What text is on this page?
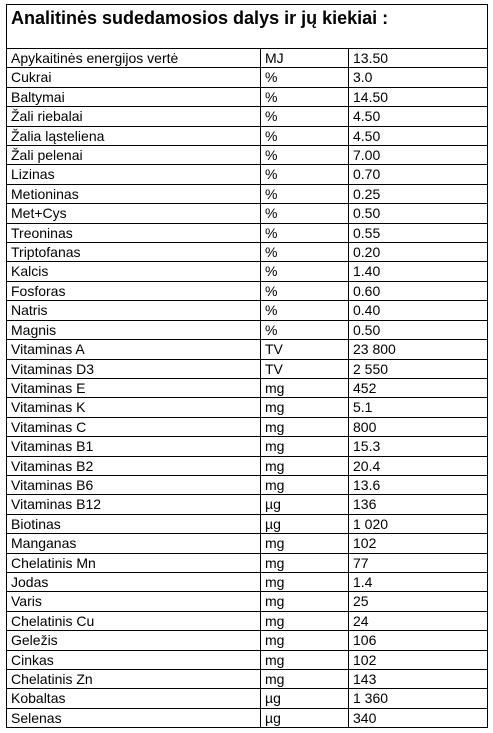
Analitinės sudedamosios dalys ir jų kiekiai :		
Apykaitinės energijos vertė	MJ	13.50
Cukrai	%	3.0
Baltymai	%	14.50
Žali riebalai	%	4.50
Žalia ląsteliena	%	4.50
Žali pelenai	%	7.00
Lizinas	%	0.70
Metioninas	%	0.25
Met+Cys	%	0.50
Treoninas	%	0.55
Triptofanas	%	0.20
Kalcis	%	1.40
Fosforas	%	0.60
Natris	%	0.40
Magnis	%	0.50
Vitaminas A	TV	23 800
Vitaminas D3	TV	2 550
Vitaminas E	mg	452
Vitaminas K	mg	5.1
Vitaminas C	mg	800
Vitaminas B1	mg	15.3
Vitaminas B2	mg	20.4
Vitaminas B6	mg	13.6
Vitaminas B12	µg	136
Biotinas	µg	1 020
Manganas	mg	102
Chelatinis Mn	mg	77
Jodas	mg	1.4
Varis	mg	25
Chelatinis Cu	mg	24
Geležis	mg	106
Cinkas	mg	102
Chelatinis Zn	mg	143
Kobaltas	µg	1 360
Selenas	µg	340
